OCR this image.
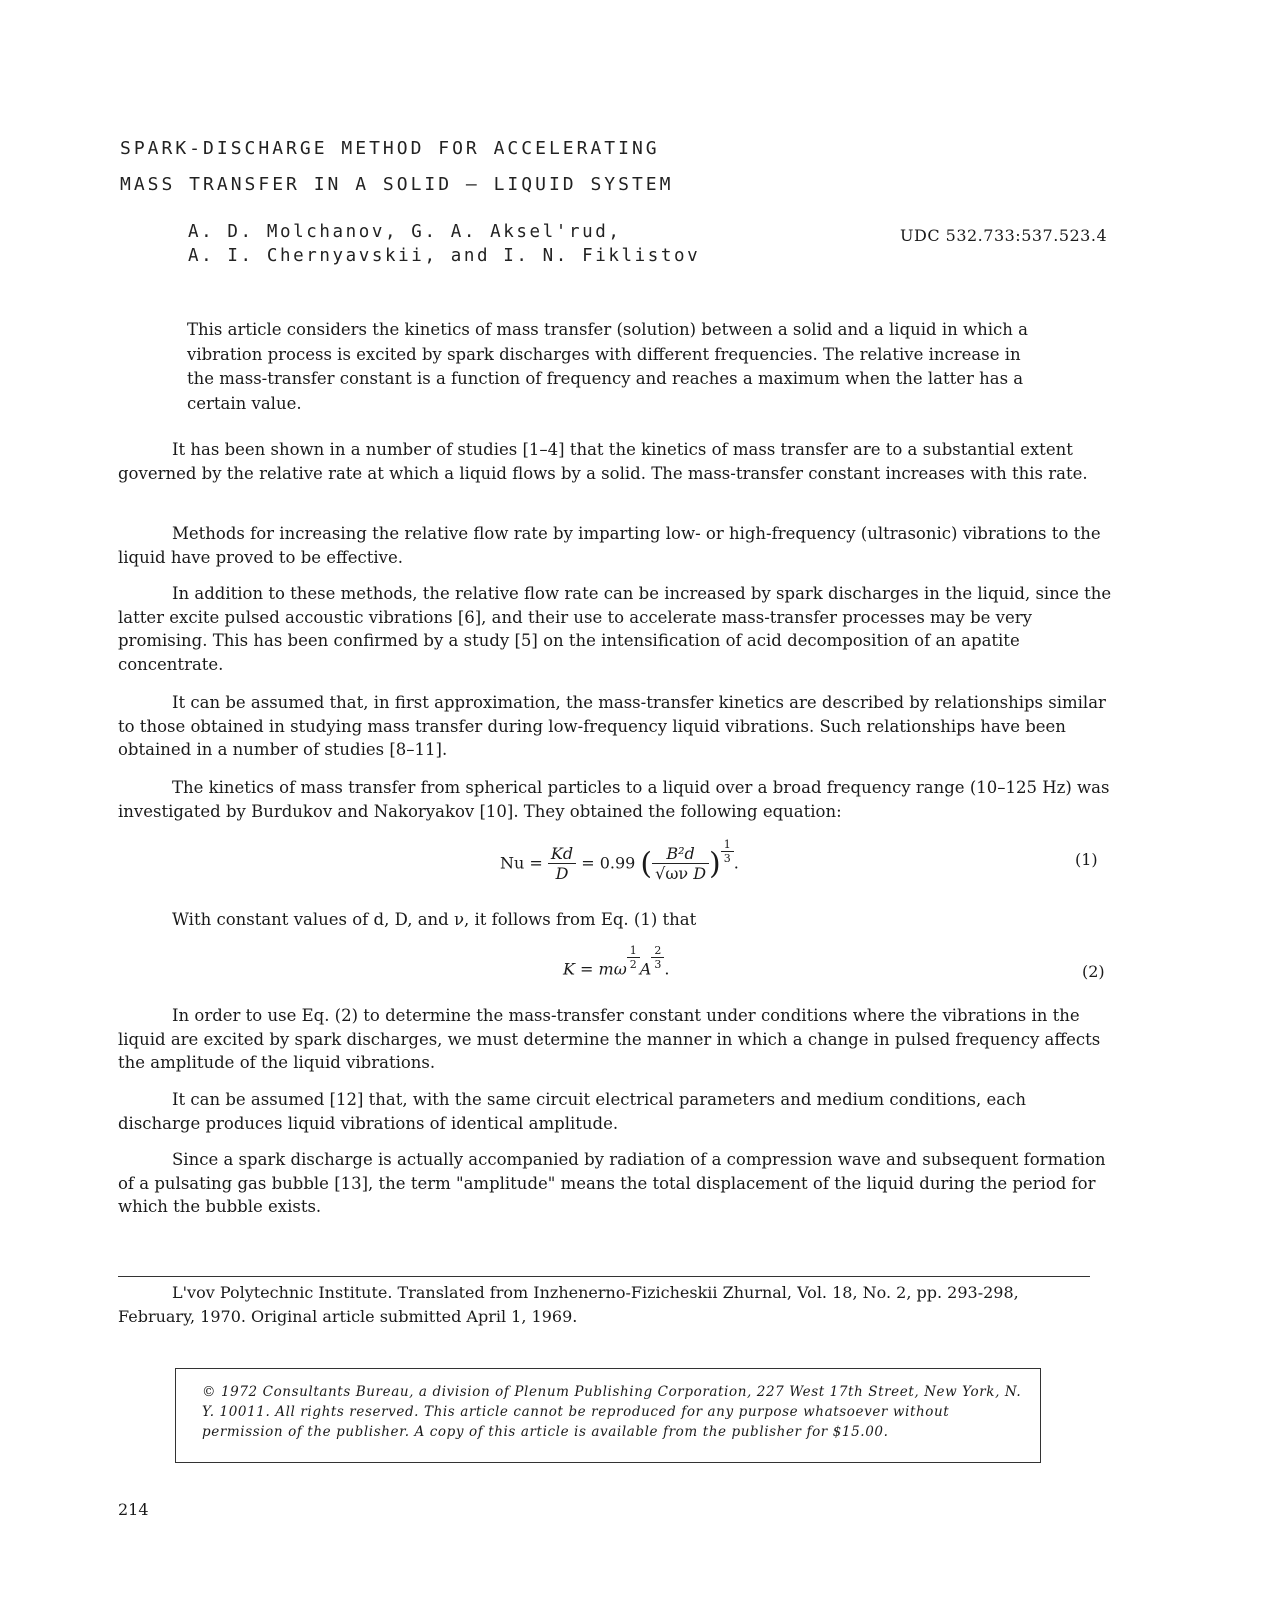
SPARK-DISCHARGE METHOD FOR ACCELERATING
MASS TRANSFER IN A SOLID – LIQUID SYSTEM
A. D. Molchanov, G. A. Aksel'rud,
A. I. Chernyavskii, and I. N. Fiklistov
UDC 532.733:537.523.4
This article considers the kinetics of mass transfer (solution) between a solid and a liquid in which a vibration process is excited by spark discharges with different frequencies. The relative increase in the mass-transfer constant is a function of frequency and reaches a maximum when the latter has a certain value.
It has been shown in a number of studies [1–4] that the kinetics of mass transfer are to a substantial extent governed by the relative rate at which a liquid flows by a solid. The mass-transfer constant increases with this rate.
Methods for increasing the relative flow rate by imparting low- or high-frequency (ultrasonic) vibrations to the liquid have proved to be effective.
In addition to these methods, the relative flow rate can be increased by spark discharges in the liquid, since the latter excite pulsed accoustic vibrations [6], and their use to accelerate mass-transfer processes may be very promising. This has been confirmed by a study [5] on the intensification of acid decomposition of an apatite concentrate.
It can be assumed that, in first approximation, the mass-transfer kinetics are described by relationships similar to those obtained in studying mass transfer during low-frequency liquid vibrations. Such relationships have been obtained in a number of studies [8–11].
The kinetics of mass transfer from spherical particles to a liquid over a broad frequency range (10–125 Hz) was investigated by Burdukov and Nakoryakov [10]. They obtained the following equation:
$Nu = \frac{Kd}{D} = 0.99$ ( $\frac{\text{B²d}}{\text{√ων D}}$ ) $\frac{1}{3}$ .	(1)
With constant values of d, D, and ν, it follows from Eq. (1) that
K = mω $\frac{1}{2}$ A $\frac{2}{3}$ .	(2)
In order to use Eq. (2) to determine the mass-transfer constant under conditions where the vibrations in the liquid are excited by spark discharges, we must determine the manner in which a change in pulsed frequency affects the amplitude of the liquid vibrations.
It can be assumed [12] that, with the same circuit electrical parameters and medium conditions, each discharge produces liquid vibrations of identical amplitude.
Since a spark discharge is actually accompanied by radiation of a compression wave and subsequent formation of a pulsating gas bubble [13], the term "amplitude" means the total displacement of the liquid during the period for which the bubble exists.
L'vov Polytechnic Institute. Translated from Inzhenerno-Fizicheskii Zhurnal, Vol. 18, No. 2, pp. 293-298, February, 1970. Original article submitted April 1, 1969.
© 1972 Consultants Bureau, a division of Plenum Publishing Corporation, 227 West 17th Street, New York, N. Y. 10011. All rights reserved. This article cannot be reproduced for any purpose whatsoever without permission of the publisher. A copy of this article is available from the publisher for $15.00.
214
